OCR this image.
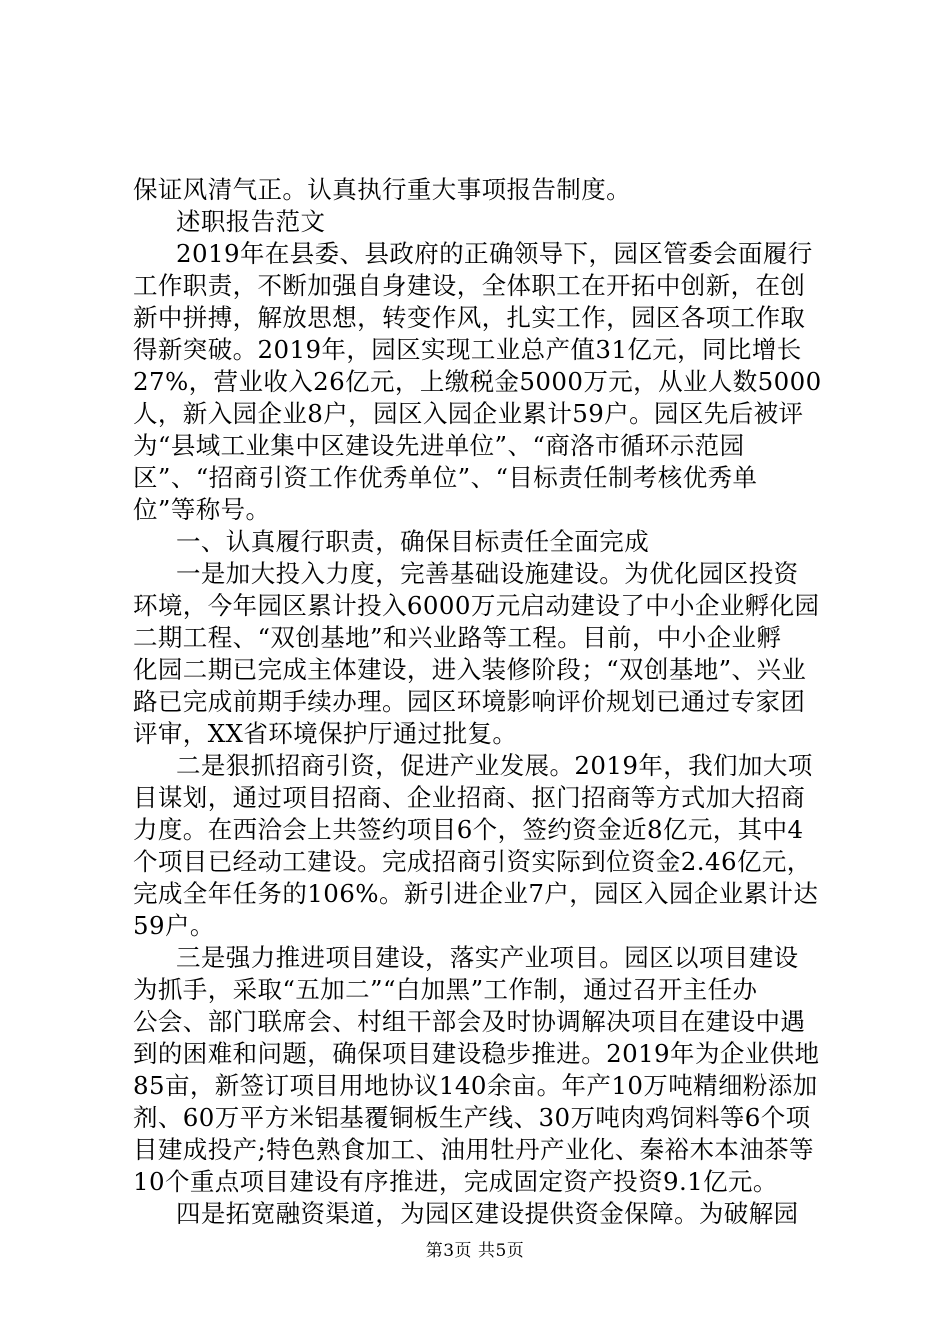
保证风清气正。认真执行重大事项报告制度。
述职报告范文
2019年在县委、县政府的正确领导下，园区管委会面履行
工作职责，不断加强自身建设，全体职工在开拓中创新，在创
新中拼搏，解放思想，转变作风，扎实工作，园区各项工作取
得新突破。2019年，园区实现工业总产值31亿元，同比增长
27%，营业收入26亿元，上缴税金5000万元，从业人数5000
人，新入园企业8户，园区入园企业累计59户。园区先后被评
为“县域工业集中区建设先进单位”、“商洛市循环示范园
区”、“招商引资工作优秀单位”、“目标责任制考核优秀单
位”等称号。
一、认真履行职责，确保目标责任全面完成
一是加大投入力度，完善基础设施建设。为优化园区投资
环境，今年园区累计投入6000万元启动建设了中小企业孵化园
二期工程、“双创基地”和兴业路等工程。目前，中小企业孵
化园二期已完成主体建设，进入装修阶段；“双创基地”、兴业
路已完成前期手续办理。园区环境影响评价规划已通过专家团
评审，XX省环境保护厅通过批复。
二是狠抓招商引资，促进产业发展。2019年，我们加大项
目谋划，通过项目招商、企业招商、抠门招商等方式加大招商
力度。在西洽会上共签约项目6个，签约资金近8亿元，其中4
个项目已经动工建设。完成招商引资实际到位资金2.46亿元，
完成全年任务的106%。新引进企业7户，园区入园企业累计达
59户。
三是强力推进项目建设，落实产业项目。园区以项目建设
为抓手，采取“五加二”“白加黑”工作制，通过召开主任办
公会、部门联席会、村组干部会及时协调解决项目在建设中遇
到的困难和问题，确保项目建设稳步推进。2019年为企业供地
85亩，新签订项目用地协议140余亩。年产10万吨精细粉添加
剂、60万平方米铝基覆铜板生产线、30万吨肉鸡饲料等6个项
目建成投产;特色熟食加工、油用牡丹产业化、秦裕木本油茶等
10个重点项目建设有序推进，完成固定资产投资9.1亿元。
四是拓宽融资渠道，为园区建设提供资金保障。为破解园
第3页 共5页
